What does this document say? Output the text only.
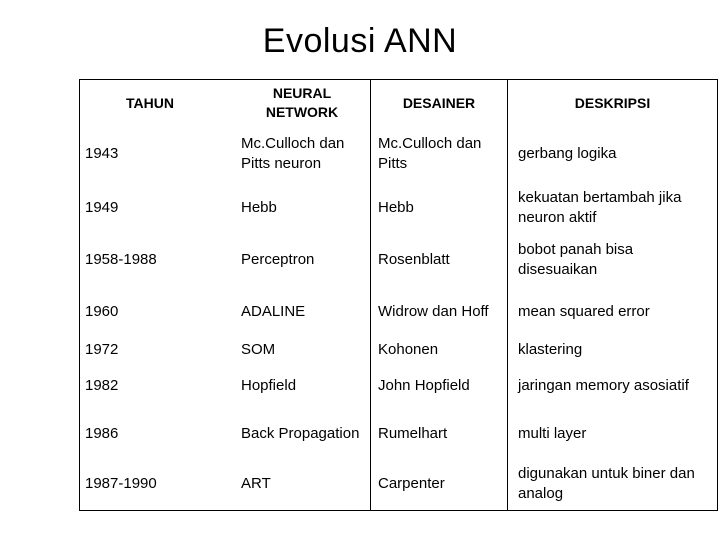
Evolusi ANN
TAHUN	NEURAL NETWORK	DESAINER	DESKRIPSI
1943	Mc.Culloch dan Pitts neuron	Mc.Culloch dan Pitts	gerbang logika
1949	Hebb	Hebb	kekuatan bertambah jika neuron aktif
1958-1988	Perceptron	Rosenblatt	bobot panah bisa disesuaikan
1960	ADALINE	Widrow dan Hoff	mean squared error
1972	SOM	Kohonen	klastering
1982	Hopfield	John Hopfield	jaringan memory asosiatif
1986	Back Propagation	Rumelhart	multi layer
1987-1990	ART	Carpenter	digunakan untuk biner dan analog
